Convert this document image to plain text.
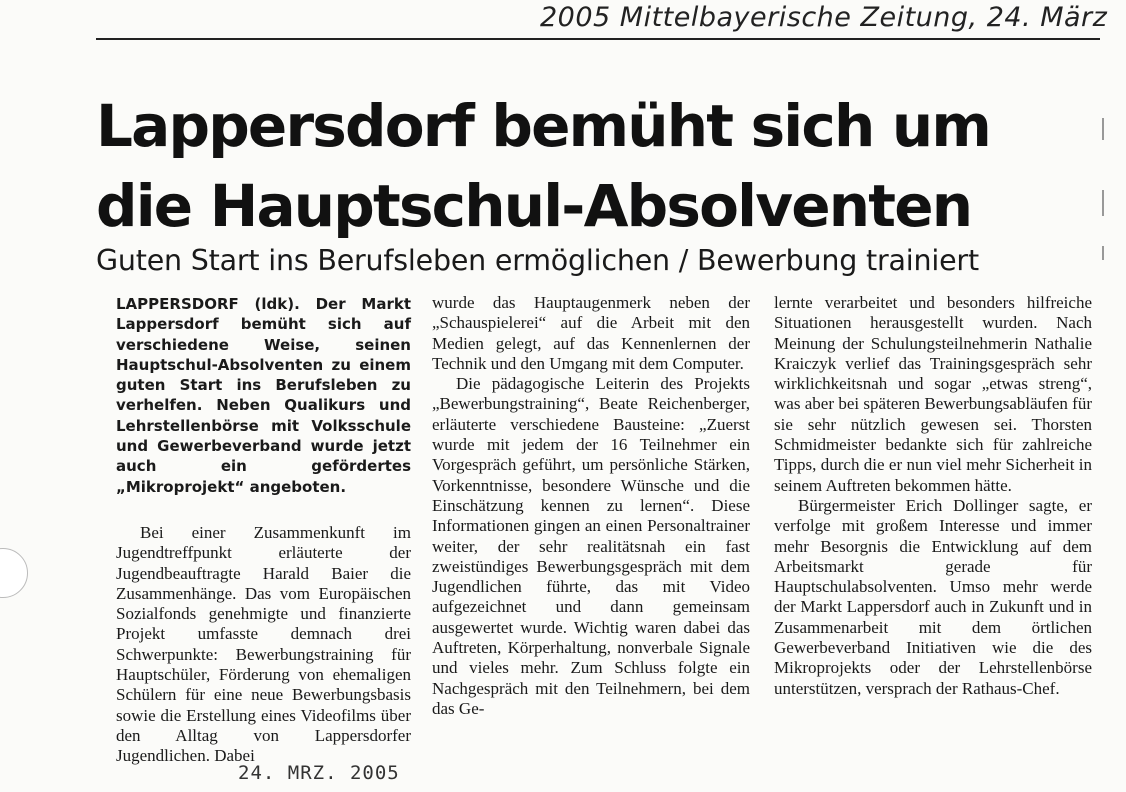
2005 Mittelbayerische Zeitung, 24. März
Lappersdorf bemüht sich um
die Hauptschul-Absolventen
Guten Start ins Berufsleben ermöglichen / Bewerbung trainiert

LAPPERSDORF (ldk). Der Markt Lappersdorf bemüht sich auf verschiedene Weise, seinen Hauptschul-Absolventen zu einem guten Start ins Berufsleben zu verhelfen. Neben Qualikurs und Lehrstellenbörse mit Volksschule und Gewerbeverband wurde jetzt auch ein gefördertes „Mikroprojekt“ angeboten.

Bei einer Zusammenkunft im Jugendtreffpunkt erläuterte der Jugendbeauftragte Harald Baier die Zusammenhänge. Das vom Europäischen Sozialfonds genehmigte und finanzierte Projekt umfasste demnach drei Schwerpunkte: Bewerbungstraining für Hauptschüler, Förderung von ehemaligen Schülern für eine neue Bewerbungsbasis sowie die Erstellung eines Videofilms über den Alltag von Lappersdorfer Jugendlichen. Dabei

wurde das Hauptaugenmerk neben der „Schauspielerei“ auf die Arbeit mit den Medien gelegt, auf das Kennenlernen der Technik und den Umgang mit dem Computer.

Die pädagogische Leiterin des Projekts „Bewerbungstraining“, Beate Reichenberger, erläuterte verschiedene Bausteine: „Zuerst wurde mit jedem der 16 Teilnehmer ein Vorgespräch geführt, um persönliche Stärken, Vorkenntnisse, besondere Wünsche und die Einschätzung kennen zu lernen“. Diese Informationen gingen an einen Personaltrainer weiter, der sehr realitätsnah ein fast zweistündiges Bewerbungsgespräch mit dem Jugendlichen führte, das mit Video aufgezeichnet und dann gemeinsam ausgewertet wurde. Wichtig waren dabei das Auftreten, Körperhaltung, nonverbale Signale und vieles mehr. Zum Schluss folgte ein Nachgespräch mit den Teilnehmern, bei dem das Ge-

lernte verarbeitet und besonders hilfreiche Situationen herausgestellt wurden. Nach Meinung der Schulungsteilnehmerin Nathalie Kraiczyk verlief das Trainingsgespräch sehr wirklichkeitsnah und sogar „etwas streng“, was aber bei späteren Bewerbungsabläufen für sie sehr nützlich gewesen sei. Thorsten Schmidmeister bedankte sich für zahlreiche Tipps, durch die er nun viel mehr Sicherheit in seinem Auftreten bekommen hätte.

Bürgermeister Erich Dollinger sagte, er verfolge mit großem Interesse und immer mehr Besorgnis die Entwicklung auf dem Arbeitsmarkt gerade für Hauptschulabsolventen. Umso mehr werde der Markt Lappersdorf auch in Zukunft und in Zusammenarbeit mit dem örtlichen Gewerbeverband Initiativen wie die des Mikroprojekts oder der Lehrstellenbörse unterstützen, versprach der Rathaus-Chef.

24. MRZ. 2005
